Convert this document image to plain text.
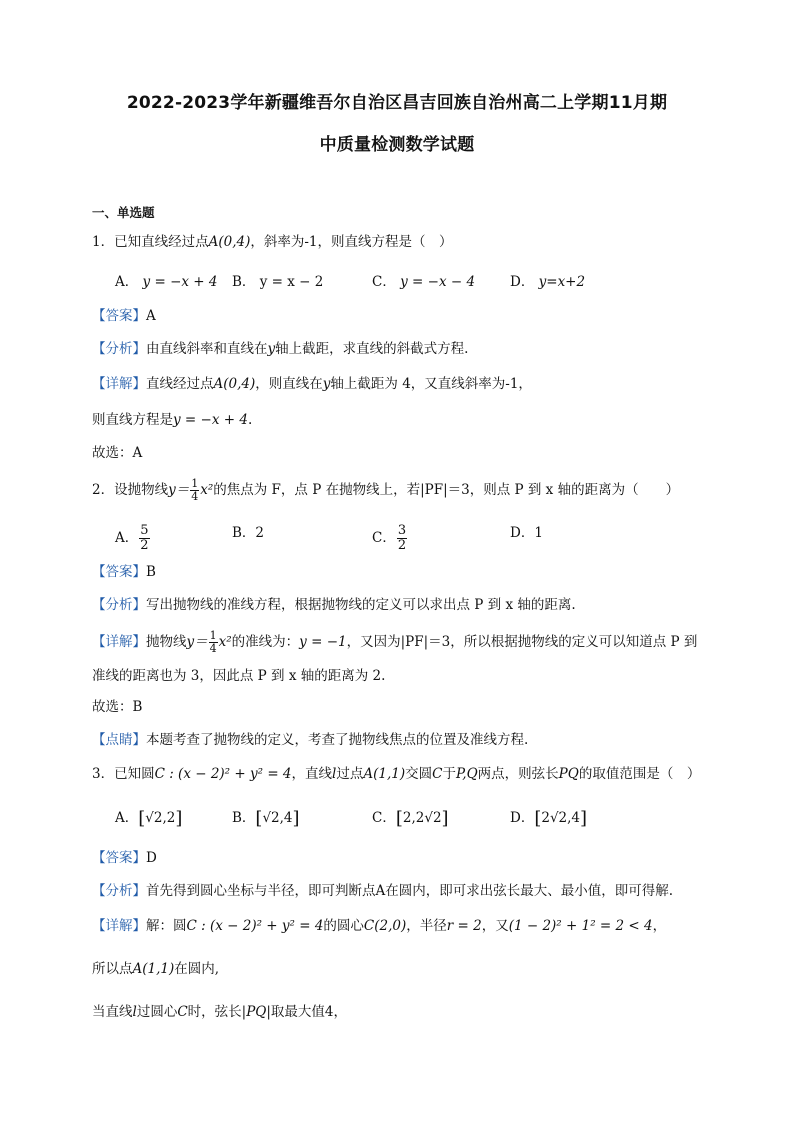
2022-2023学年新疆维吾尔自治区昌吉回族自治州高二上学期11月期
中质量检测数学试题
一、单选题
1．已知直线经过点A(0,4)，斜率为-1，则直线方程是（　）
A． y = −x + 4 B． y = x − 2	C． y = −x − 4	D． y=x+2
【答案】A
【分析】由直线斜率和直线在y轴上截距，求直线的斜截式方程.
【详解】直线经过点A(0,4)，则直线在y轴上截距为 4，又直线斜率为-1，
则直线方程是y = −x + 4.
故选：A
2．设抛物线$y= \frac{1}{4} x^2$的焦点为 F，点 P 在抛物线上，若|PF|＝3，则点 P 到 x 轴的距离为（　　）
A． $\frac{5}{2}$	B．2	C． $\frac{3}{2}$	D．1
【答案】B
【分析】写出抛物线的准线方程，根据抛物线的定义可以求出点 P 到 x 轴的距离.
【详解】抛物线$y= \frac{1}{4} x^2$的准线为：y = −1，又因为|PF|＝3，所以根据抛物线的定义可以知道点 P 到
准线的距离也为 3，因此点 P 到 x 轴的距离为 2.
故选：B
【点睛】本题考查了抛物线的定义，考查了抛物线焦点的位置及准线方程.
3．已知圆C : (x − 2)² + y² = 4，直线l过点A(1,1)交圆C于P,Q两点，则弦长PQ的取值范围是（　）
A．[√2,2]	B．[√2,4]	C．[2,2√2]	D．[2√2,4]
【答案】D
【分析】首先得到圆心坐标与半径，即可判断点A在圆内，即可求出弦长最大、最小值，即可得解.
【详解】解：圆C : (x − 2)² + y² = 4的圆心C(2,0)，半径r = 2，又(1 − 2)² + 1² = 2 < 4，
所以点A(1,1)在圆内,
当直线l过圆心C时，弦长|PQ|取最大值4，
